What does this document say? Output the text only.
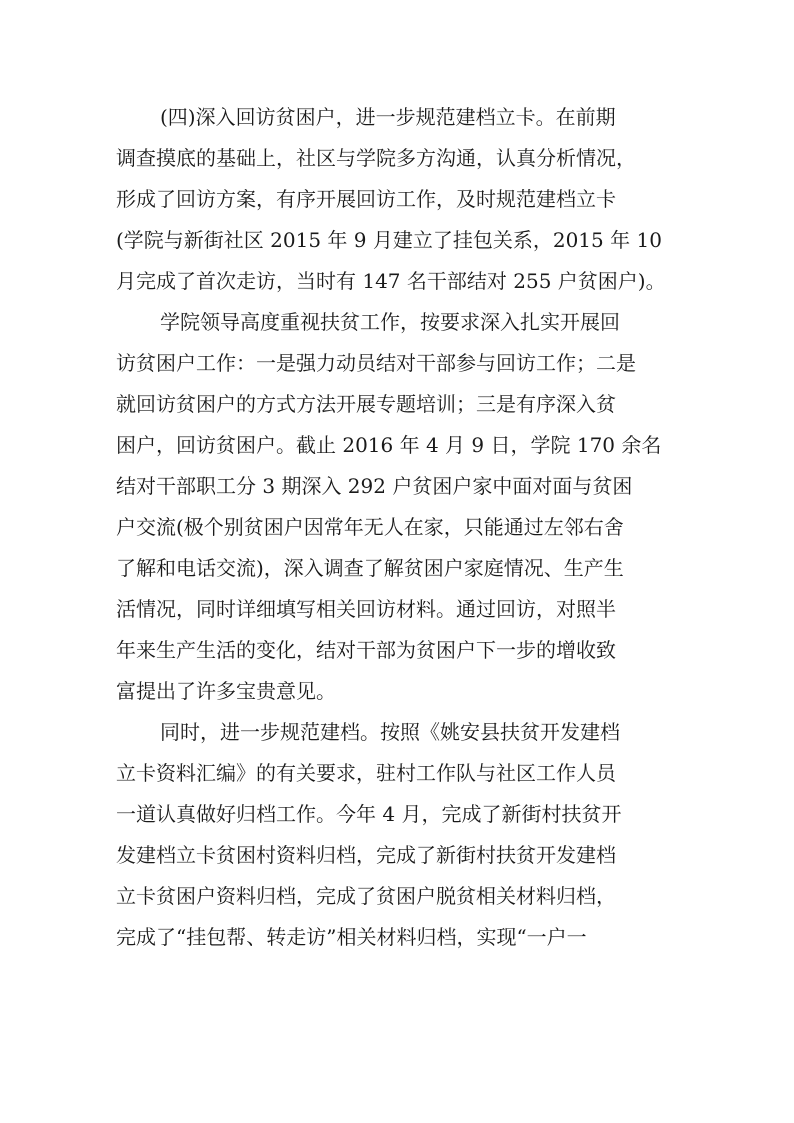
(四)深入回访贫困户，进一步规范建档立卡。在前期
调查摸底的基础上，社区与学院多方沟通，认真分析情况，
形成了回访方案，有序开展回访工作，及时规范建档立卡
(学院与新街社区 2015 年 9 月建立了挂包关系，2015 年 10
月完成了首次走访，当时有 147 名干部结对 255 户贫困户)。

学院领导高度重视扶贫工作，按要求深入扎实开展回
访贫困户工作：一是强力动员结对干部参与回访工作；二是
就回访贫困户的方式方法开展专题培训；三是有序深入贫
困户，回访贫困户。截止 2016 年 4 月 9 日，学院 170 余名
结对干部职工分 3 期深入 292 户贫困户家中面对面与贫困
户交流(极个别贫困户因常年无人在家，只能通过左邻右舍
了解和电话交流)，深入调查了解贫困户家庭情况、生产生
活情况，同时详细填写相关回访材料。通过回访，对照半
年来生产生活的变化，结对干部为贫困户下一步的增收致
富提出了许多宝贵意见。

同时，进一步规范建档。按照《姚安县扶贫开发建档
立卡资料汇编》的有关要求，驻村工作队与社区工作人员
一道认真做好归档工作。今年 4 月，完成了新街村扶贫开
发建档立卡贫困村资料归档，完成了新街村扶贫开发建档
立卡贫困户资料归档，完成了贫困户脱贫相关材料归档，
完成了“挂包帮、转走访”相关材料归档，实现“一户一
